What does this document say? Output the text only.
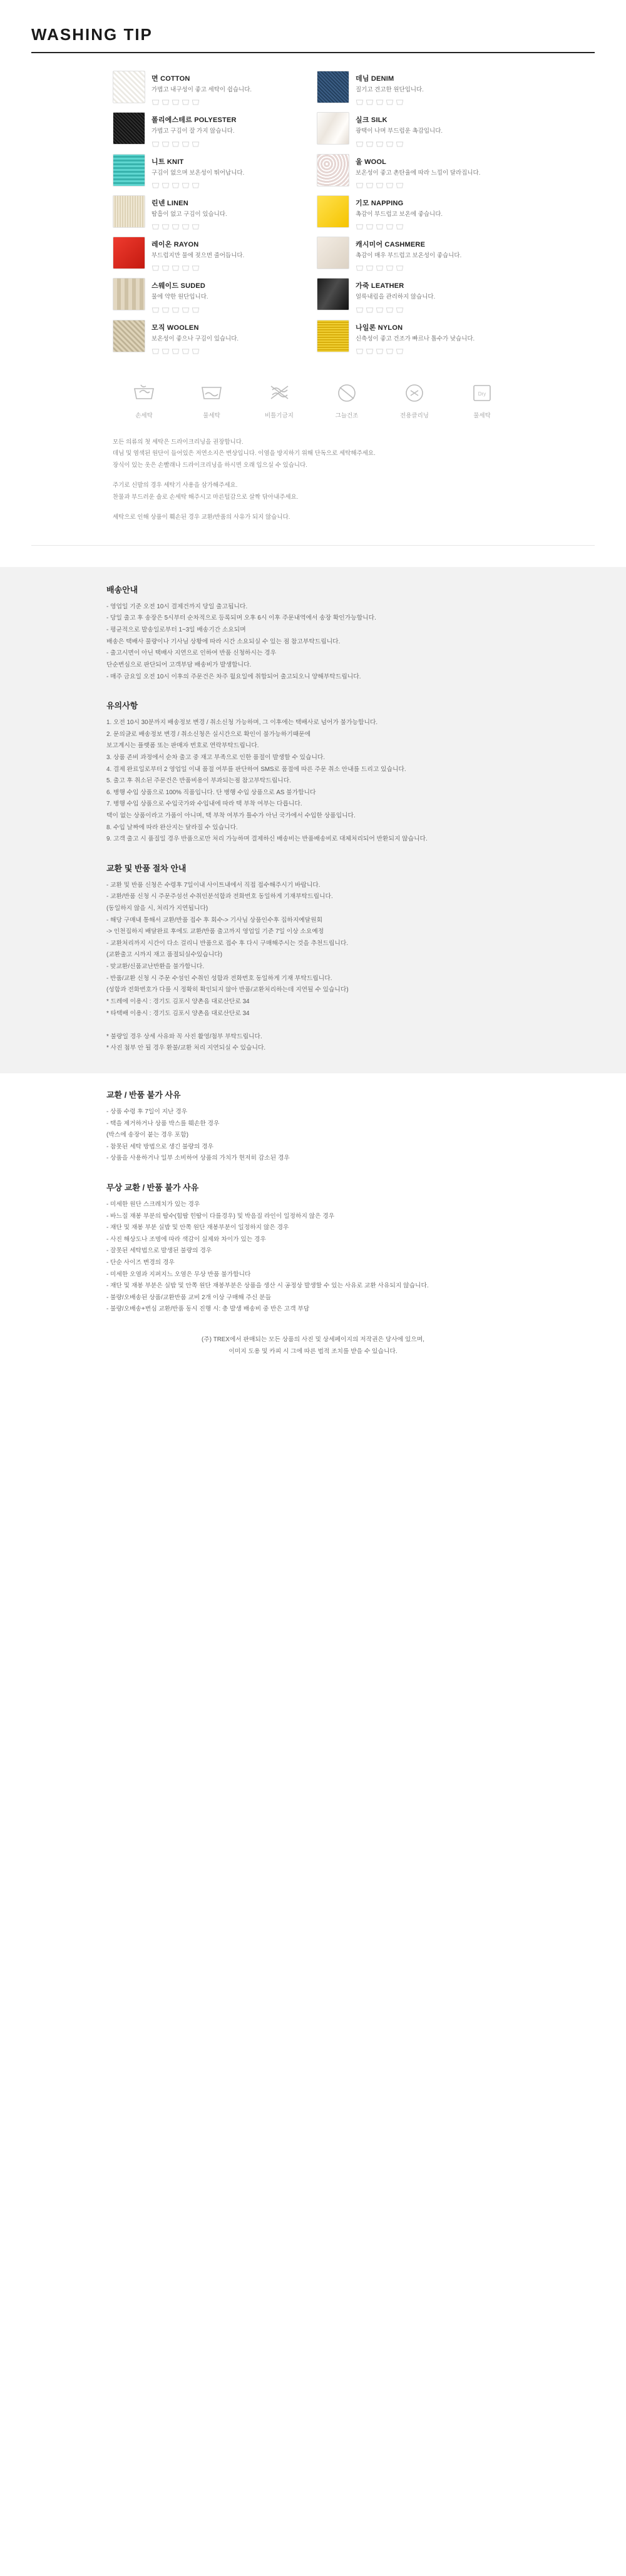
WASHING TIP
면 COTTON
가볍고 내구성이 좋고 세탁이 쉽습니다.
데님 DENIM
질기고 견고한 원단입니다.
폴리에스테르 POLYESTER
가볍고 구김이 잘 가지 않습니다.
실크 SILK
광택이 나며 부드럽운 촉감입니다.
니트 KNIT
구김이 없으며 보온성이 뛰어납니다.
울 WOOL
보온성이 좋고 촌탄율에 따라 느낌이 달라집니다.
린넨 LINEN
땀흡이 없고 구김이 있습니다.
기모 NAPPING
촉감이 부드럽고 보온에 좋습니다.
레이온 RAYON
부드럽지만 물에 젖으면 줄어듭니다.
캐시미어 CASHMERE
촉감이 매우 부드럽고 보온성이 좋습니다.
스웨이드 SUDED
물에 약한 원단입니다.
가죽 LEATHER
얼룩내림을 관리하지 않습니다.
모직 WOOLEN
보온성이 좋으나 구김이 있습니다.
나일론 NYLON
신축성이 좋고 건조가 빠르나 톱수가 낮습니다.
손세탁	물세탁	비틀기금지	그늘건조	전용클리닝
Dry
물세탁

모든 의류의 첫 세탁은 드라이크리닝을 권장합니다.
데님 및 염색된 원단이 들어있은 저연소지은 변상입니다. 이염을 방지하기 위해 단독으로 세탁해주세요.
장식이 있는 옷은 손빨래나 드라이크리닝을 하시면 오래 입으실 수 있습니다.

주기로 신발의 경우 세탁기 사용을 삼가해주세요.
찬물과 부드러운 솔로 손세탁 해주시고 마른털감으로 살짝 닦아내주세요.

세탁으로 인해 상품이 훼손된 경우 교환/반품의 사유가 되지 않습니다.

배송안내
- 영업일 기준 오전 10시 결제건까지 당일 출고됩니다.
- 당일 출고 후 송장은 5시부터 순차적으로 등록되며 오후 6시 이후 주문내역에서 송장 확인가능합니다.
- 평균적으로 발송일로부터 1~3일 배송기간 소요되며
배송은 택배사 물량이나 기사님 상황에 따라 시간 소요되실 수 있는 점 참고부탁드립니다.
- 출고시면이 아닌 택배사 지연으로 인하여 반품 신청하시는 경우
단순변심으로 판단되어 고객부담 배송비가 발생합니다.
- 매주 금요일 오전 10시 이후의 주문건은 차주 월요일에 취합되어 출고되오니 양해부탁드립니다.
유의사항
1. 오전 10시 30분까지 배송정보 변경 / 취소신청 가능하며, 그 이후에는 택배사로 넘어가 불가능합니다.
2. 문의글로 배송정보 변경 / 취소신청은 실시간으로 확인이 불가능하기때문에
보고계시는 플랫폼 또는 판매자 번호로 연락부탁드립니다.
3. 상품 존비 과정에서 순차 출고 중 재고 부족으로 인한 품절이 발생할 수 있습니다.
4. 결제 완료일로부터 2 영업일 이내 품절 여부를 판단하여 SMS로 품절에 따른 주문 취소 안내를 드리고 있습니다.
5. 출고 후 취소된 주문건은 반품비용이 부과되는점 참고부탁드립니다.
6. 병행 수입 상품으로 100% 직품입니다. 단 병행 수입 상품으로 AS 불가합니다
7. 병행 수입 상품으로 수입국가와 수입내에 따라 택 부착 여부는 다릅니다.
택이 없는 상품이라고 가품이 아니며, 택 부착 여부가 틀수가 아닌 국가에서 수입한 상품입니다.
8. 수입 날짜에 따라 완산지는 달라질 수 있습니다.
9. 고객 출고 시 품질일 경우 반품으로만 처리 가능하며 결제하신 배송비는 반품배송비로 대체처리되어 반환되지 않습니다.
교환 및 반품 절차 안내
- 교환 및 반품 신청은 수령후 7일이내 사이트내에서 직접 접수해주시기 바랍니다.
- 교환/반품 신청 시 주문주섬선 수취인분석함과 전화번호 동일하게 기재부탁드립니다.
(동일하지 않을 시, 처리가 지연됩니다)
- 해당 구매내 통해서 교환/반품 접수 후 회수-> 기사님 상품인수후 집하지예달원회
-> 인천집하지 배달완료 후에도 교환/반품 출고까지 영업일 기준 7일 이상 소요예정
- 교환처리까지 시간이 다소 걸리니 반품으로 접수 후 다시 구매해주시는 것을 추천드립니다.
(교환출고 시까지 재고 품절되실수있습니다)
- 맞교환/신품교난반환을 불가합니다.
- 반품/교환 신청 시 주문 수섬인 수취인 성함과 전화번호 동일하게 기재 부탁드립니다.
(성함과 전화번호가 다를 시 정확히 확인되지 않아 반품/교환처리하는데 지연될 수 있습니다)
* 드레에 이용시 : 경기도 김포시 양촌읍 대로산단로 34
* 타택배 이용시 : 경기도 김포시 양촌읍 대로산단로 34

* 불량일 경우 상세 사유와 꼭 사진 활영/첨부 부탁드립니다.
* 사진 첨부 안 될 경우 환불/교환 처리 지연되실 수 있습니다.
교환 / 반품 불가 사유
- 상품 수령 후 7일이 지난 경우
- 택을 제거하거나 상품 박스를 훼손한 경우
(박스에 송장이 붙는 경우 포함)
- 참못된 세탁 방법으로 생긴 불량의 경우
- 상품을 사용하거나 일부 소비하여 상품의 가치가 현저히 감소된 경우
무상 교환 / 반품 불가 사유
- 미세한 원단 스크레치가 있는 경우
- 바느질 재봉 부분의 땀수(힘땀 힌땀이 다를경우) 및 박음질 라인이 일정하지 않은 경우
- 재단 및 재봉 부분 실밥 및 안쪽 원단 재봉부분이 일정하지 않은 경우
- 사진 해상도나 조명에 따라 색감이 실제와 차이가 있는 경우
- 잘못된 세탁법으로 발생된 불량의 경우
- 단순 사이즈 변경의 경우
- 미세한 오염과 지퍼지느 오염은 무상 반품 불가합니다
- 재단 및 재봉 부분은 실밥 및 안쪽 원단 재봉부분은 상품을 생산 시 공정상 발생할 수 있는 사유로 교환 사유되지 않습니다.
- 불량/오배송된 상품/교환반품 교비 2개 이상 구매해 주신 분들
- 불량/오배송+변심 교환/반품 동시 진행 시: 총 발생 배송비 중 반은 고객 부담
(주) TREX에서 판매되는 모든 상품의 사진 및 상세페이지의 저작권은 당사에 있으며,
이미지 도용 및 카피 시 그에 따른 법적 조치를 받을 수 있습니다.
